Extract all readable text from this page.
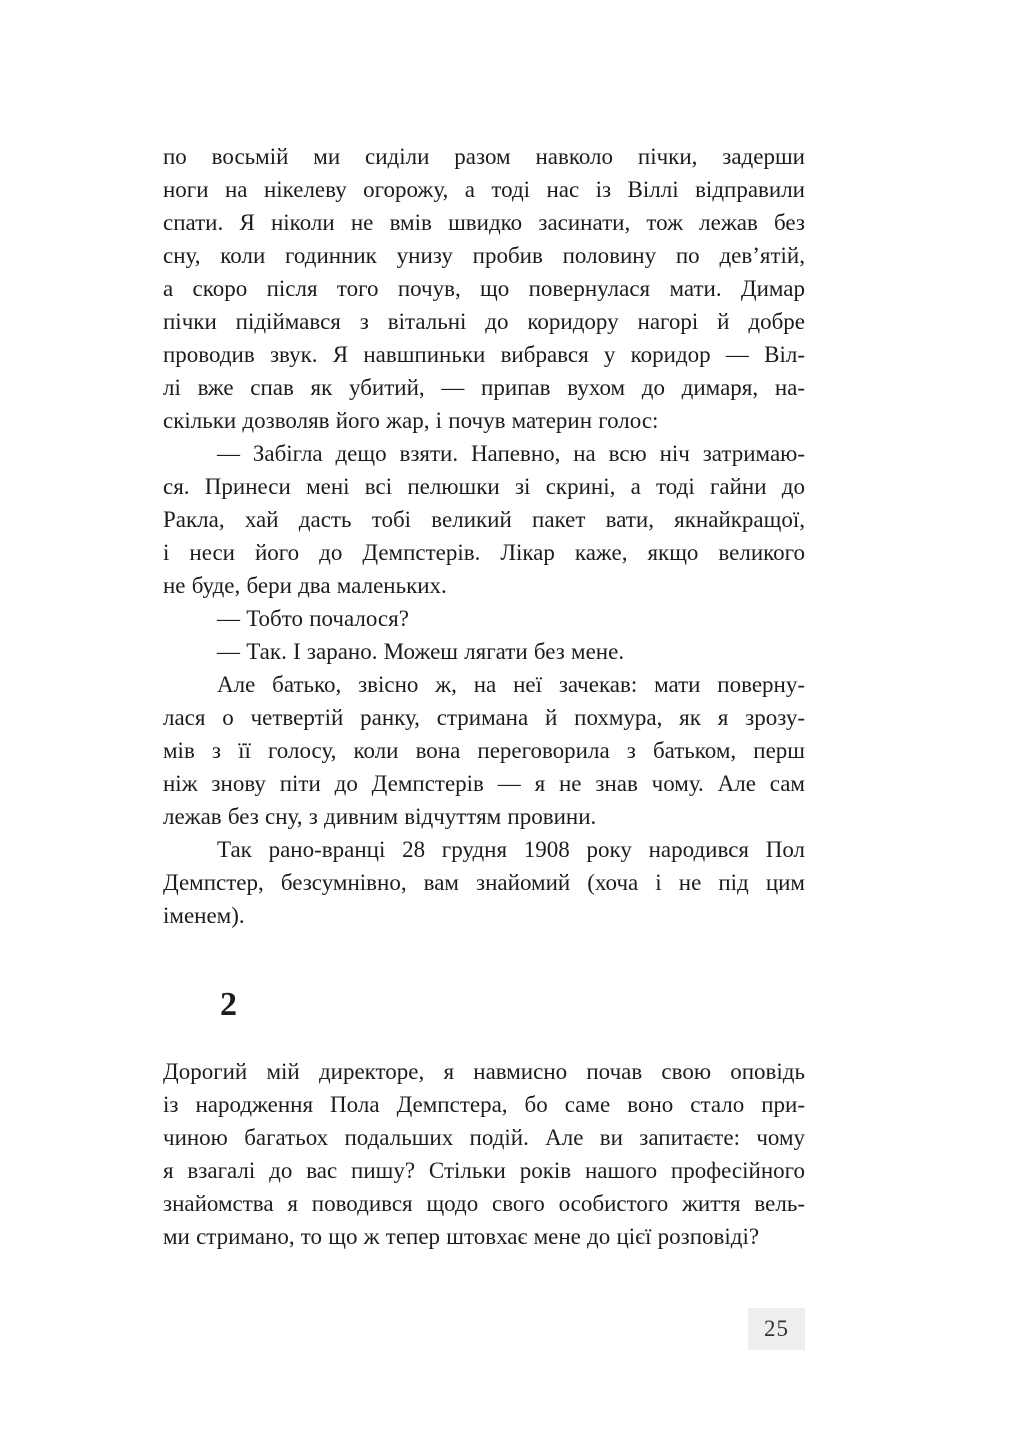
по восьмій ми сиділи разом навколо пічки, задерши
ноги на нікелеву огорожу, а тоді нас із Віллі відправили
спати. Я ніколи не вмів швидко засинати, тож лежав без
сну, коли годинник унизу пробив половину по дев’ятій,
а скоро після того почув, що повернулася мати. Димар
пічки підіймався з вітальні до коридору нагорі й добре
проводив звук. Я навшпиньки вибрався у коридор — Віл-
лі вже спав як убитий, — припав вухом до димаря, на-
скільки дозволяв його жар, і почув материн голос:
— Забігла дещо взяти. Напевно, на всю ніч затримаю-
ся. Принеси мені всі пелюшки зі скрині, а тоді гайни до
Ракла, хай дасть тобі великий пакет вати, якнайкращої,
і неси його до Демпстерів. Лікар каже, якщо великого
не буде, бери два маленьких.
— Тобто почалося?
— Так. І зарано. Можеш лягати без мене.
Але батько, звісно ж, на неї зачекав: мати поверну-
лася о четвертій ранку, стримана й похмура, як я зрозу-
мів з її голосу, коли вона переговорила з батьком, перш
ніж знову піти до Демпстерів — я не знав чому. Але сам
лежав без сну, з дивним відчуттям провини.
Так рано-вранці 28 грудня 1908 року народився Пол
Демпстер, безсумнівно, вам знайомий (хоча і не під цим
іменем).
2
Дорогий мій директоре, я навмисно почав свою оповідь
із народження Пола Демпстера, бо саме воно стало при-
чиною багатьох подальших подій. Але ви запитаєте: чому
я взагалі до вас пишу? Стільки років нашого професійного
знайомства я поводився щодо свого особистого життя вель-
ми стримано, то що ж тепер штовхає мене до цієї розповіді?
25
